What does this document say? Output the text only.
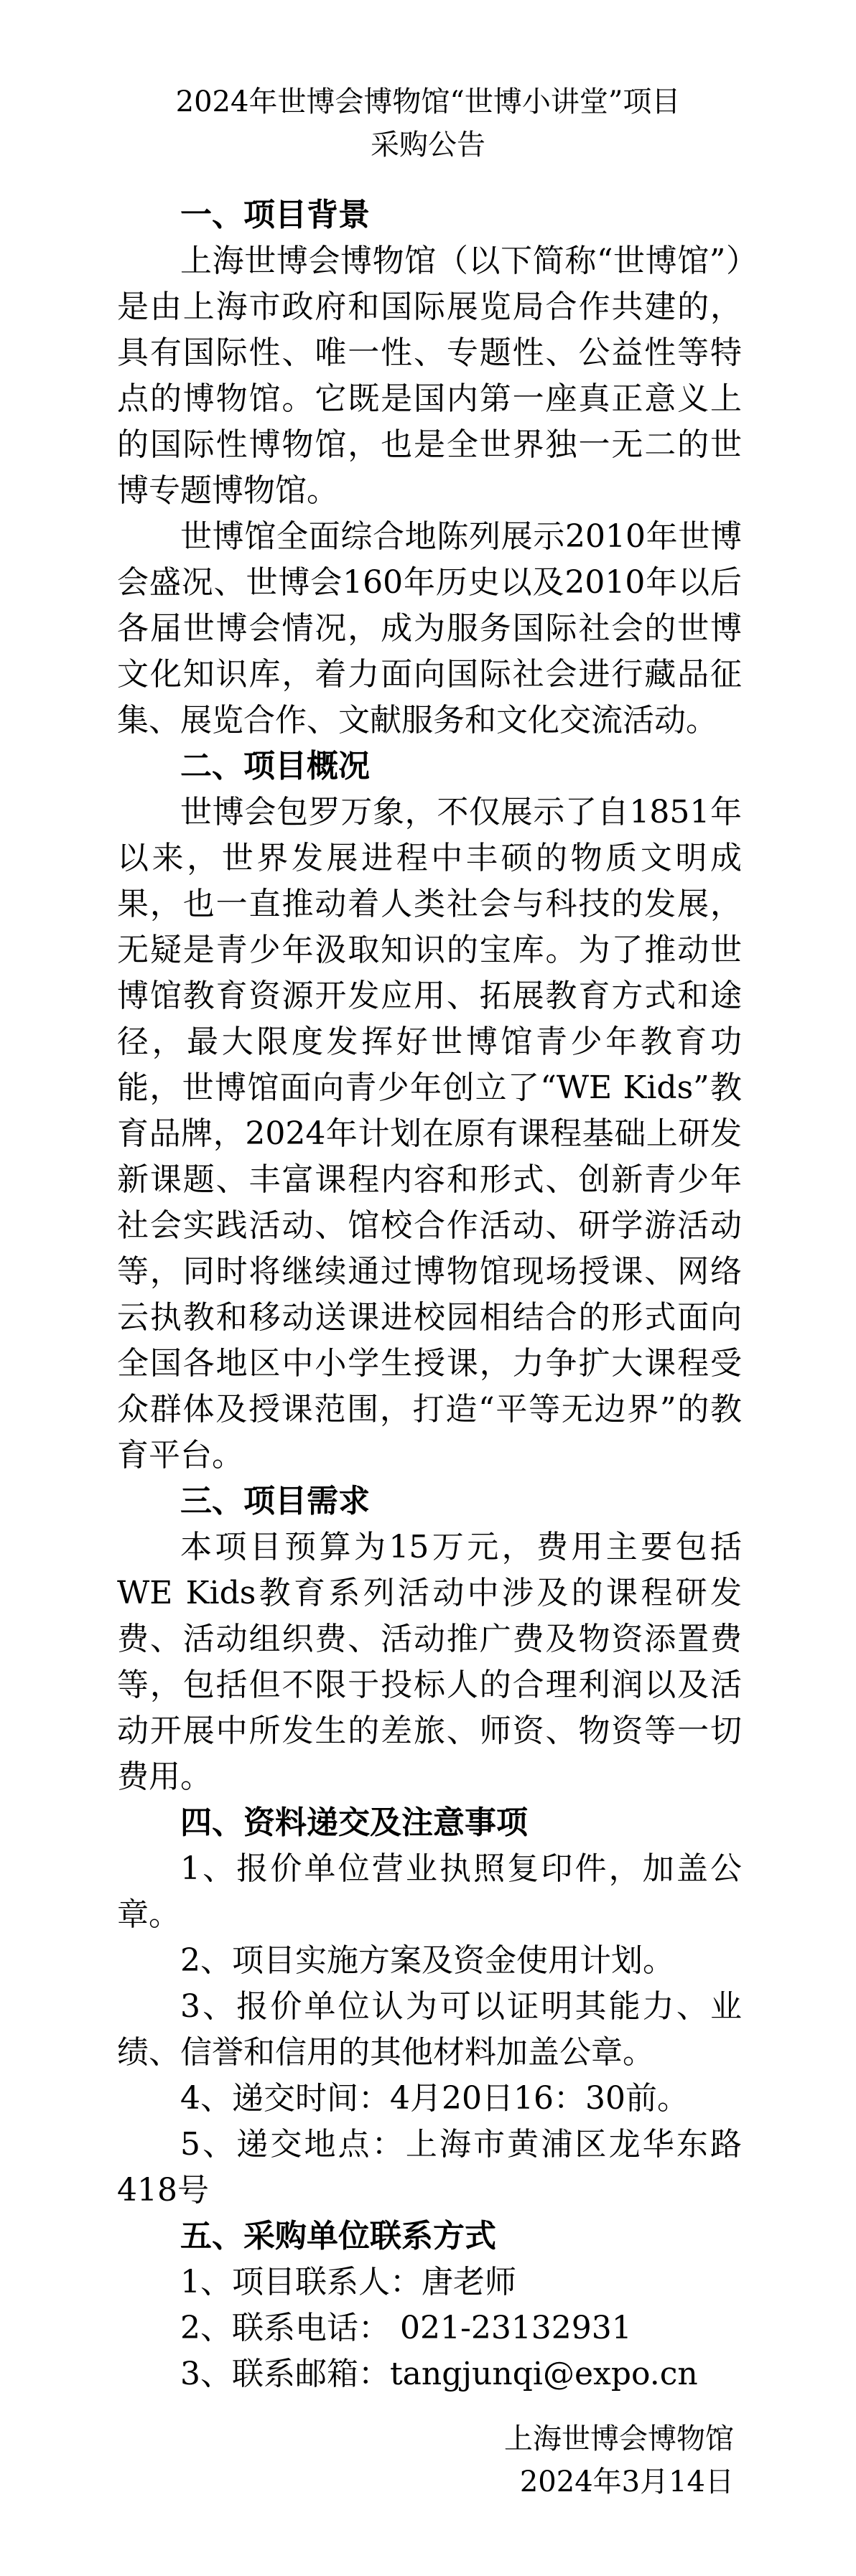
2024年世博会博物馆“世博小讲堂”项目
采购公告
一、项目背景

上海世博会博物馆（以下简称“世博馆”）是由上海市政府和国际展览局合作共建的，具有国际性、唯一性、专题性、公益性等特点的博物馆。它既是国内第一座真正意义上的国际性博物馆，也是全世界独一无二的世博专题博物馆。

世博馆全面综合地陈列展示2010年世博会盛况、世博会160年历史以及2010年以后各届世博会情况，成为服务国际社会的世博文化知识库，着力面向国际社会进行藏品征集、展览合作、文献服务和文化交流活动。

二、项目概况

世博会包罗万象，不仅展示了自1851年以来，世界发展进程中丰硕的物质文明成果，也一直推动着人类社会与科技的发展，无疑是青少年汲取知识的宝库。为了推动世博馆教育资源开发应用、拓展教育方式和途径，最大限度发挥好世博馆青少年教育功能，世博馆面向青少年创立了“WE Kids”教育品牌，2024年计划在原有课程基础上研发新课题、丰富课程内容和形式、创新青少年社会实践活动、馆校合作活动、研学游活动等，同时将继续通过博物馆现场授课、网络云执教和移动送课进校园相结合的形式面向全国各地区中小学生授课，力争扩大课程受众群体及授课范围，打造“平等无边界”的教育平台。

三、项目需求

本项目预算为15万元，费用主要包括WE Kids教育系列活动中涉及的课程研发费、活动组织费、活动推广费及物资添置费等，包括但不限于投标人的合理利润以及活动开展中所发生的差旅、师资、物资等一切费用。

四、资料递交及注意事项

1、报价单位营业执照复印件，加盖公章。

2、项目实施方案及资金使用计划。

3、报价单位认为可以证明其能力、业绩、信誉和信用的其他材料加盖公章。

4、递交时间：4月20日16：30前。

5、递交地点：上海市黄浦区龙华东路418号

五、采购单位联系方式

1、项目联系人：唐老师

2、联系电话： 021-23132931

3、联系邮箱：tangjunqi@expo.cn

上海世博会博物馆
2024年3月14日
